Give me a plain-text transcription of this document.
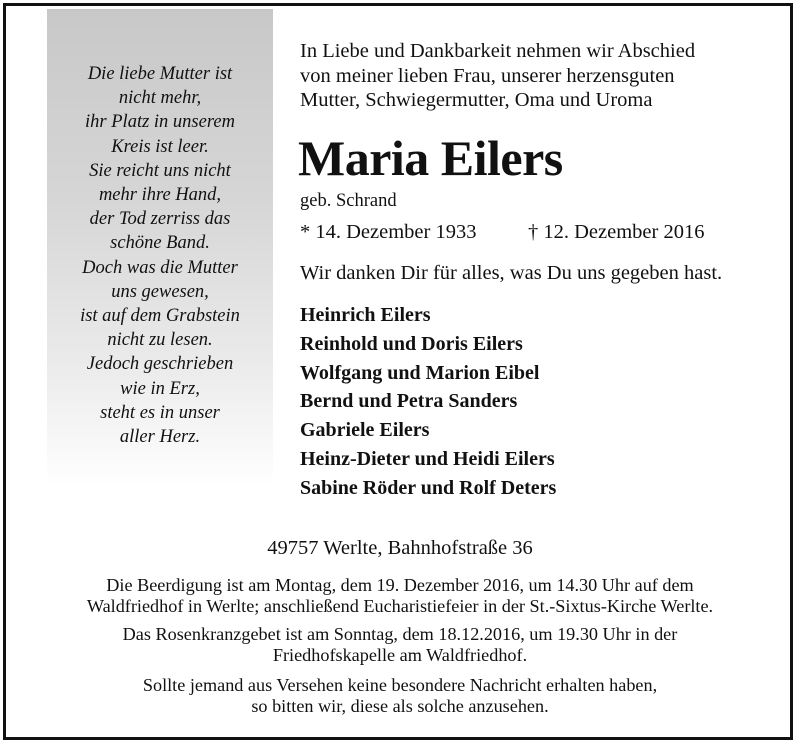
Die liebe Mutter ist
nicht mehr,
ihr Platz in unserem
Kreis ist leer.
Sie reicht uns nicht
mehr ihre Hand,
der Tod zerriss das
schöne Band.
Doch was die Mutter
uns gewesen,
ist auf dem Grabstein
nicht zu lesen.
Jedoch geschrieben
wie in Erz,
steht es in unser
aller Herz.
In Liebe und Dankbarkeit nehmen wir Abschied
von meiner lieben Frau, unserer herzensguten
Mutter, Schwiegermutter, Oma und Uroma
Maria Eilers
geb. Schrand
* 14. Dezember 1933	† 12. Dezember 2016
Wir danken Dir für alles, was Du uns gegeben hast.
Heinrich Eilers
Reinhold und Doris Eilers
Wolfgang und Marion Eibel
Bernd und Petra Sanders
Gabriele Eilers
Heinz-Dieter und Heidi Eilers
Sabine Röder und Rolf Deters
49757 Werlte, Bahnhofstraße 36
Die Beerdigung ist am Montag, dem 19. Dezember 2016, um 14.30 Uhr auf dem
Waldfriedhof in Werlte; anschließend Eucharistiefeier in der St.-Sixtus-Kirche Werlte.
Das Rosenkranzgebet ist am Sonntag, dem 18.12.2016, um 19.30 Uhr in der
Friedhofskapelle am Waldfriedhof.
Sollte jemand aus Versehen keine besondere Nachricht erhalten haben,
so bitten wir, diese als solche anzusehen.
